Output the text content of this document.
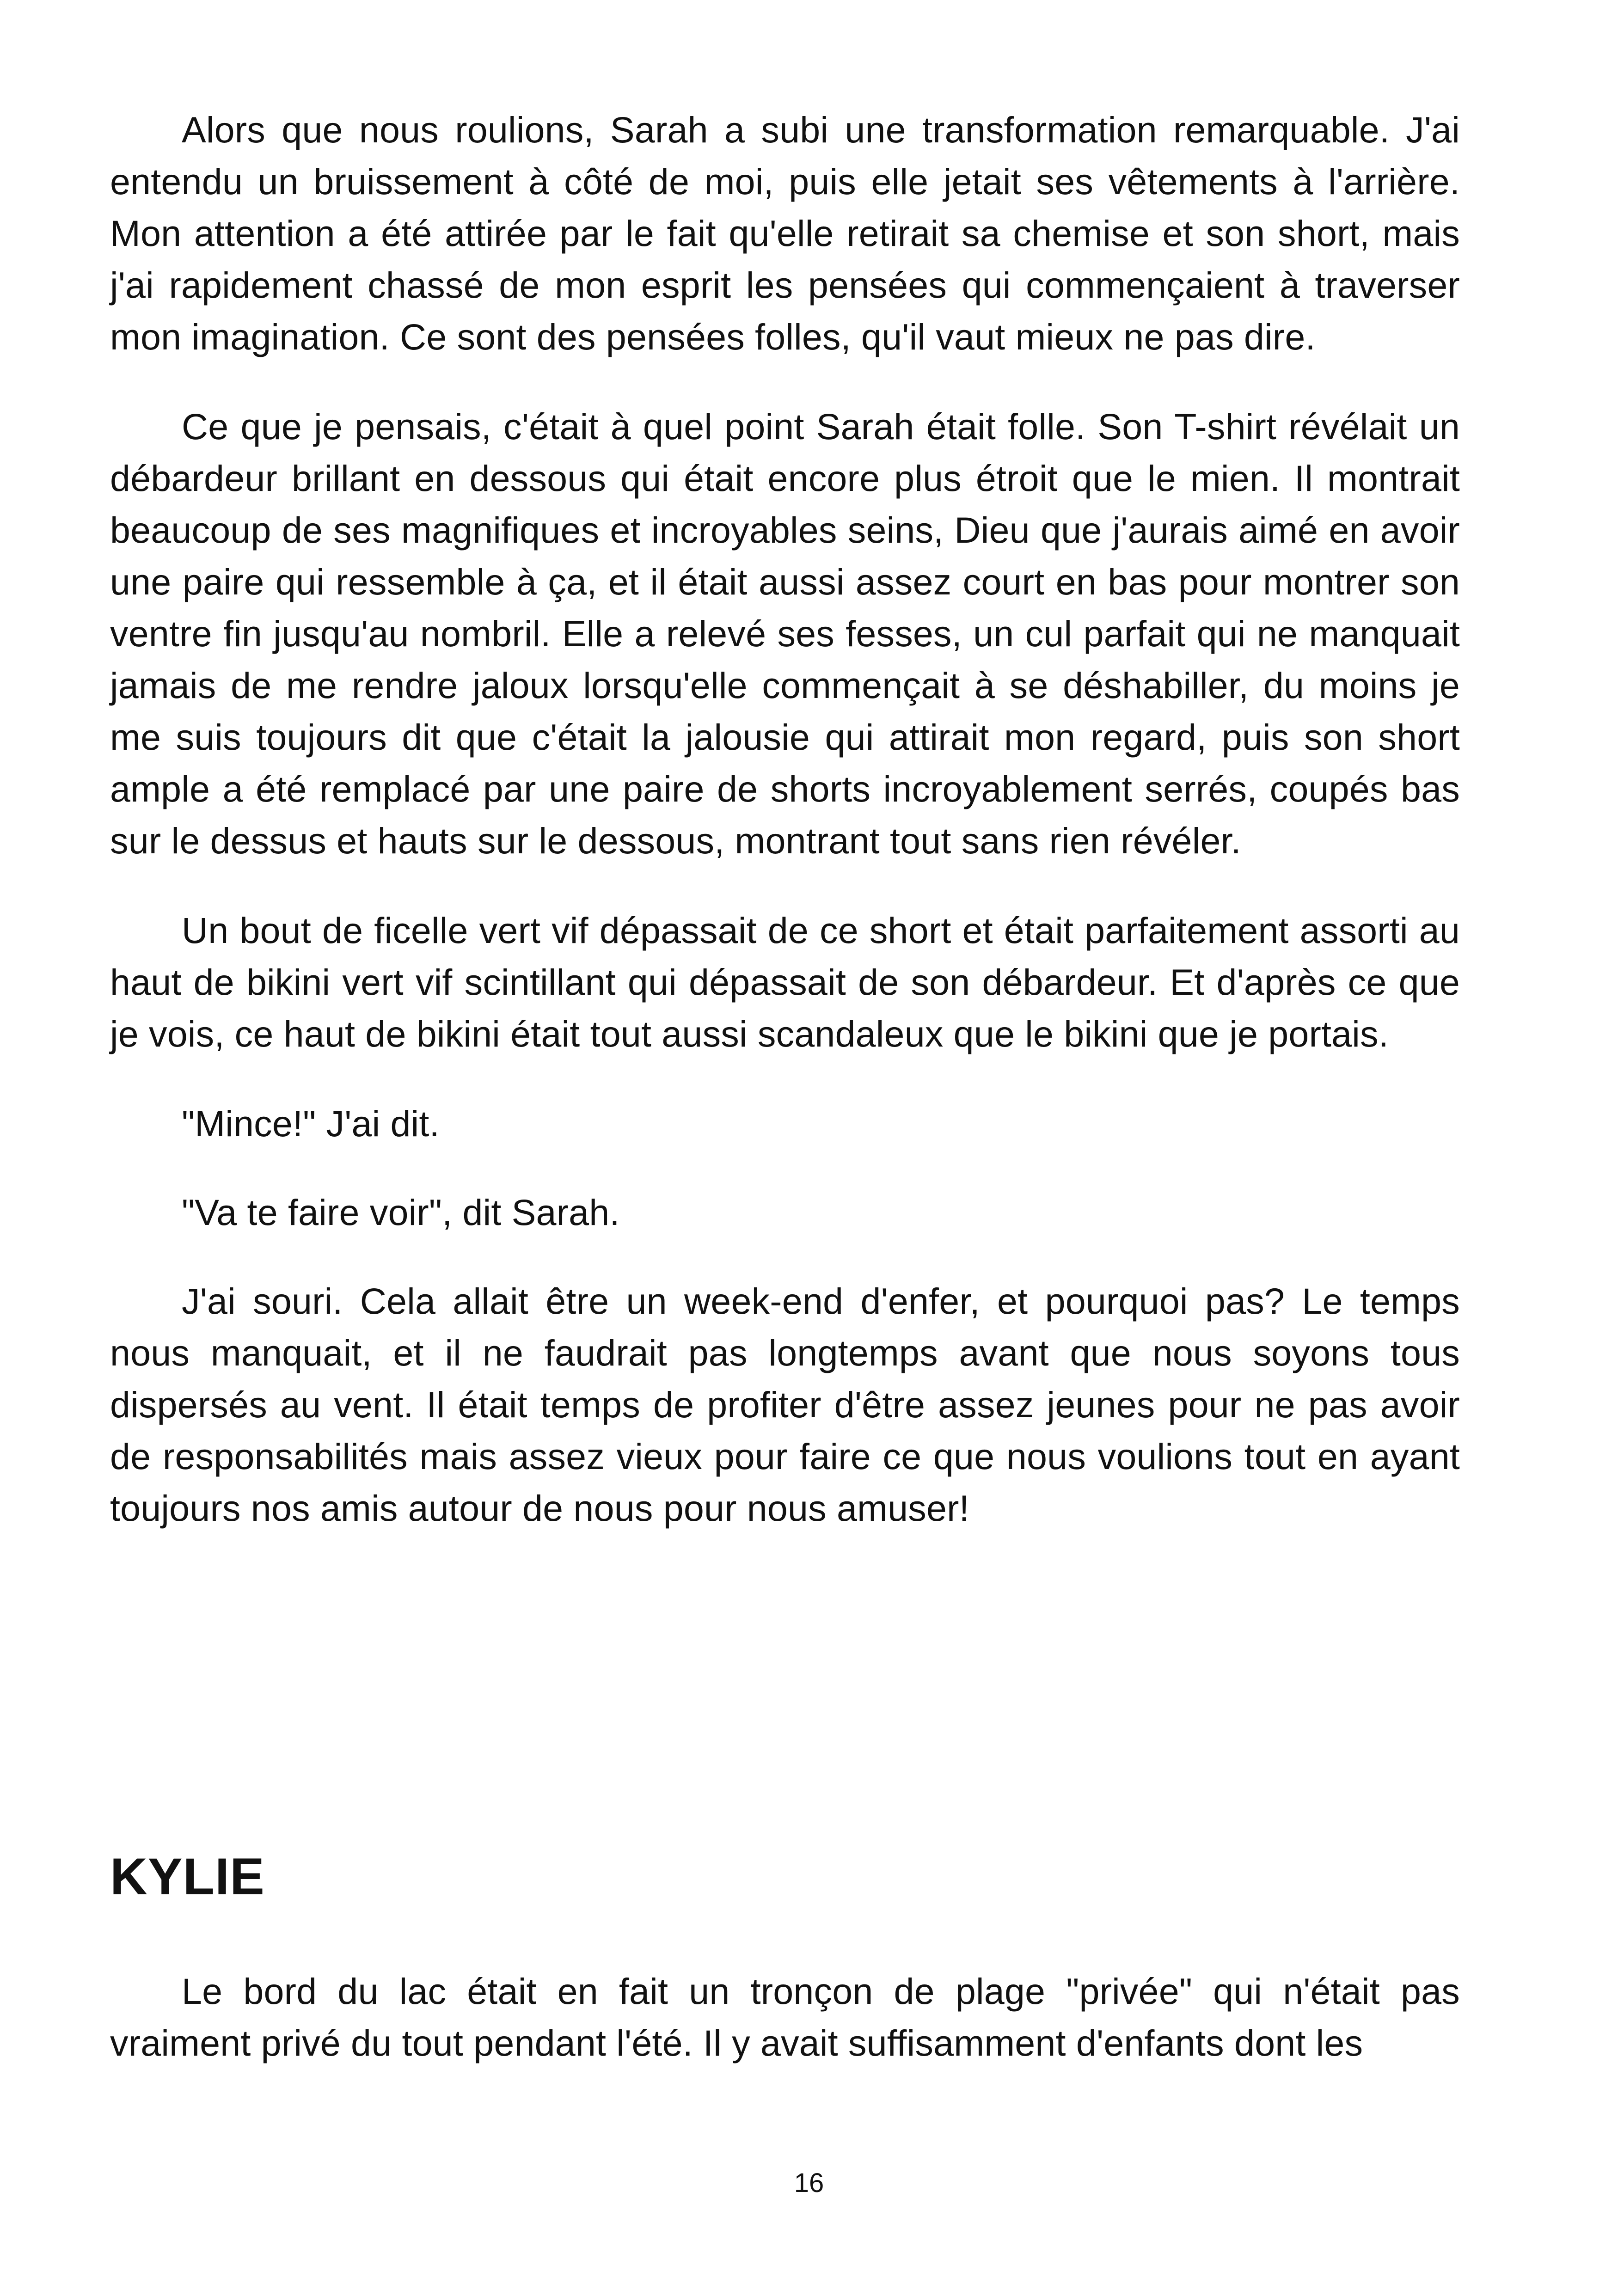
Alors que nous roulions, Sarah a subi une transformation remarquable. J'ai entendu un bruissement à côté de moi, puis elle jetait ses vêtements à l'arrière. Mon attention a été attirée par le fait qu'elle retirait sa chemise et son short, mais j'ai rapidement chassé de mon esprit les pensées qui commençaient à traverser mon imagination. Ce sont des pensées folles, qu'il vaut mieux ne pas dire.

Ce que je pensais, c'était à quel point Sarah était folle. Son T-shirt révélait un débardeur brillant en dessous qui était encore plus étroit que le mien. Il montrait beaucoup de ses magnifiques et incroyables seins, Dieu que j'aurais aimé en avoir une paire qui ressemble à ça, et il était aussi assez court en bas pour montrer son ventre fin jusqu'au nombril. Elle a relevé ses fesses, un cul parfait qui ne manquait jamais de me rendre jaloux lorsqu'elle commençait à se déshabiller, du moins je me suis toujours dit que c'était la jalousie qui attirait mon regard, puis son short ample a été remplacé par une paire de shorts incroyablement serrés, coupés bas sur le dessus et hauts sur le dessous, montrant tout sans rien révéler.

Un bout de ficelle vert vif dépassait de ce short et était parfaitement assorti au haut de bikini vert vif scintillant qui dépassait de son débardeur. Et d'après ce que je vois, ce haut de bikini était tout aussi scandaleux que le bikini que je portais.

"Mince!" J'ai dit.

"Va te faire voir", dit Sarah.

J'ai souri. Cela allait être un week-end d'enfer, et pourquoi pas? Le temps nous manquait, et il ne faudrait pas longtemps avant que nous soyons tous dispersés au vent. Il était temps de profiter d'être assez jeunes pour ne pas avoir de responsabilités mais assez vieux pour faire ce que nous voulions tout en ayant toujours nos amis autour de nous pour nous amuser!

KYLIE

Le bord du lac était en fait un tronçon de plage "privée" qui n'était pas vraiment privé du tout pendant l'été. Il y avait suffisamment d'enfants dont les

16
